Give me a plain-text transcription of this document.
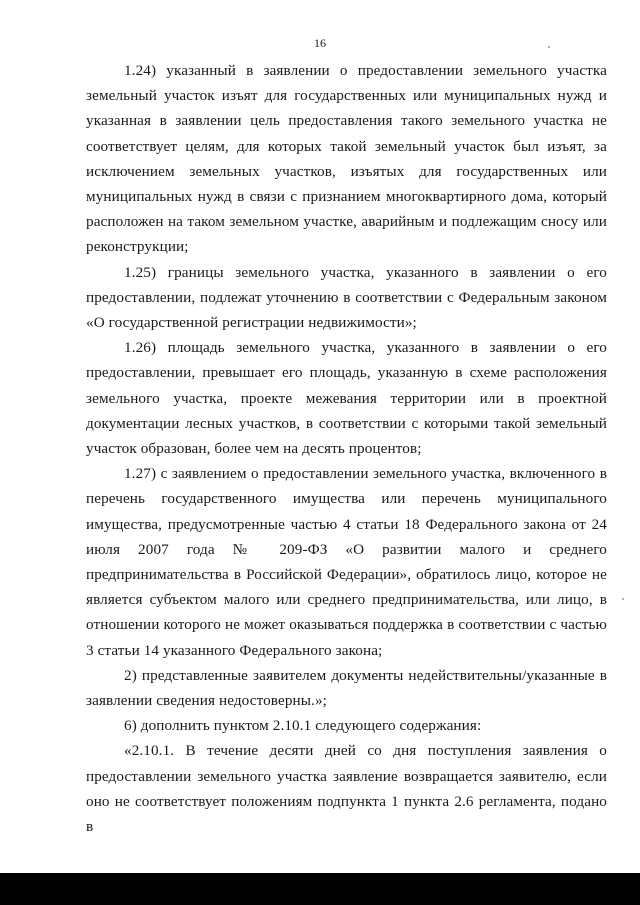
16

1.24) указанный в заявлении о предоставлении земельного участка земельный участок изъят для государственных или муниципальных нужд и указанная в заявлении цель предоставления такого земельного участка не соответствует целям, для которых такой земельный участок был изъят, за исключением земельных участков, изъятых для государственных или муниципальных нужд в связи с признанием многоквартирного дома, который расположен на таком земельном участке, аварийным и подлежащим сносу или реконструкции;

1.25) границы земельного участка, указанного в заявлении о его предоставлении, подлежат уточнению в соответствии с Федеральным законом «О государственной регистрации недвижимости»;

1.26) площадь земельного участка, указанного в заявлении о его предоставлении, превышает его площадь, указанную в схеме расположения земельного участка, проекте межевания территории или в проектной документации лесных участков, в соответствии с которыми такой земельный участок образован, более чем на десять процентов;

1.27) с заявлением о предоставлении земельного участка, включенного в перечень государственного имущества или перечень муниципального имущества, предусмотренные частью 4 статьи 18 Федерального закона от 24 июля 2007 года № 209-ФЗ «О развитии малого и среднего предпринимательства в Российской Федерации», обратилось лицо, которое не является субъектом малого или среднего предпринимательства, или лицо, в отношении которого не может оказываться поддержка в соответствии с частью 3 статьи 14 указанного Федерального закона;

2) представленные заявителем документы недействительны/указанные в заявлении сведения недостоверны.»;

6) дополнить пунктом 2.10.1 следующего содержания:

«2.10.1. В течение десяти дней со дня поступления заявления о предоставлении земельного участка заявление возвращается заявителю, если оно не соответствует положениям подпункта 1 пункта 2.6 регламента, подано в
